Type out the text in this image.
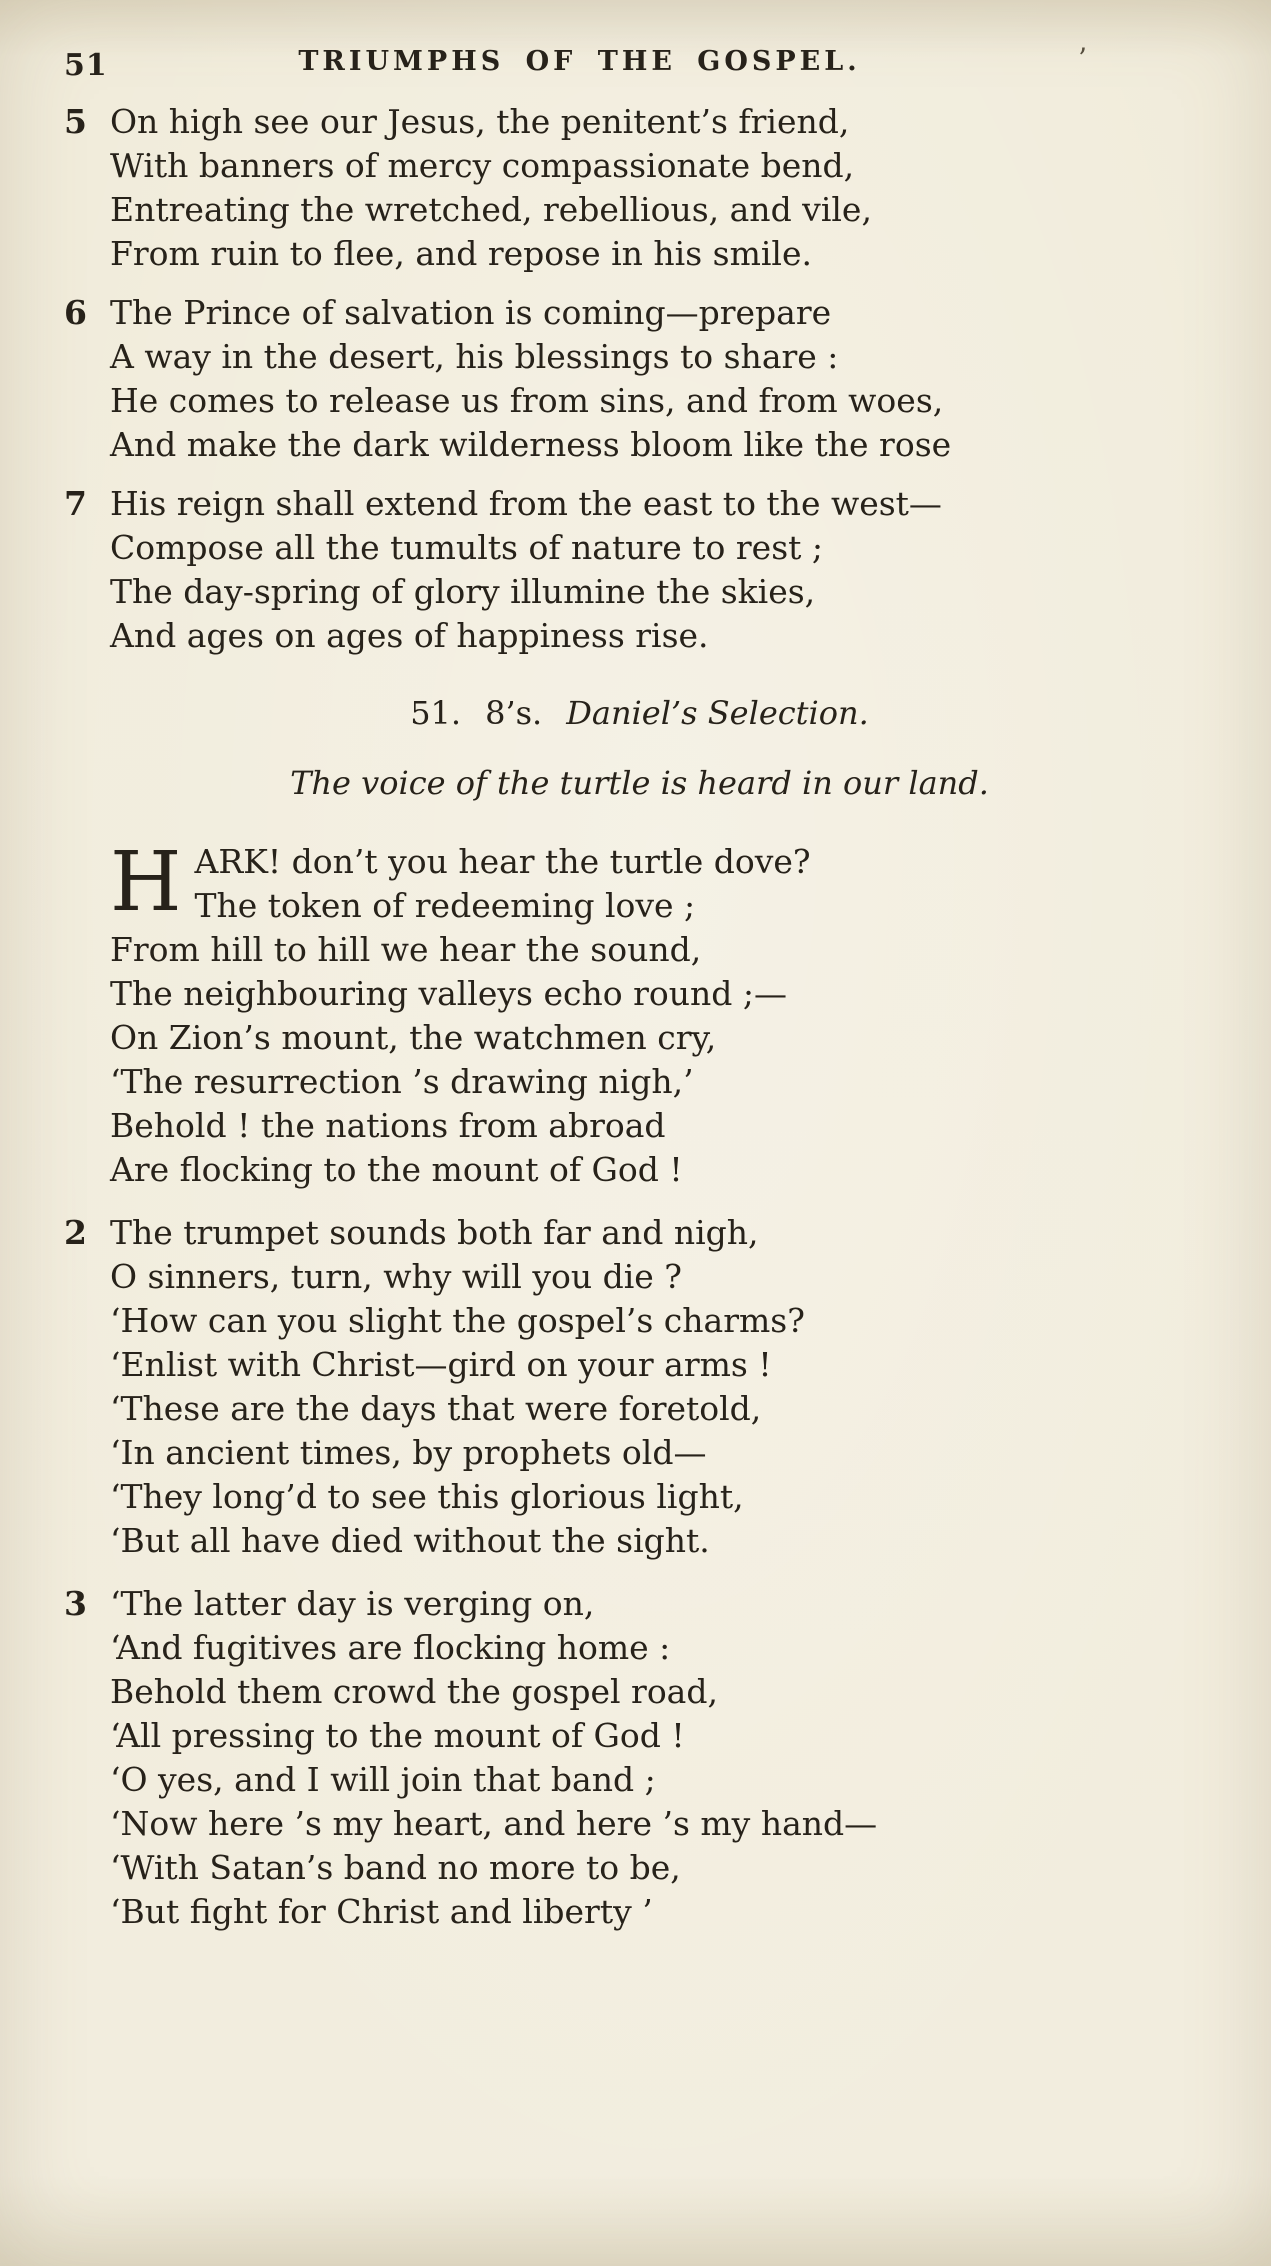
51	TRIUMPHS OF THE GOSPEL.	’
5 On high see our Jesus, the penitent’s friend,

With banners of mercy compassionate bend,

Entreating the wretched, rebellious, and vile,

From ruin to flee, and repose in his smile.

6 The Prince of salvation is coming—prepare

A way in the desert, his blessings to share :

He comes to release us from sins, and from woes,

And make the dark wilderness bloom like the rose

7 His reign shall extend from the east to the west—

Compose all the tumults of nature to rest ;

The day-spring of glory illumine the skies,

And ages on ages of happiness rise.

51. 8’s. Daniel’s Selection.
The voice of the turtle is heard in our land.
H ARK! don’t you hear the turtle dove?

The token of redeeming love ;

From hill to hill we hear the sound,

The neighbouring valleys echo round ;—

On Zion’s mount, the watchmen cry,

‘The resurrection ’s drawing nigh,’

Behold ! the nations from abroad

Are flocking to the mount of God !

2 The trumpet sounds both far and nigh,

O sinners, turn, why will you die ?

‘How can you slight the gospel’s charms?

‘Enlist with Christ—gird on your arms !

‘These are the days that were foretold,

‘In ancient times, by prophets old—

‘They long’d to see this glorious light,

‘But all have died without the sight.

3 ‘The latter day is verging on,

‘And fugitives are flocking home :

Behold them crowd the gospel road,

‘All pressing to the mount of God !

‘O yes, and I will join that band ;

‘Now here ’s my heart, and here ’s my hand—

‘With Satan’s band no more to be,

‘But fight for Christ and liberty ’
